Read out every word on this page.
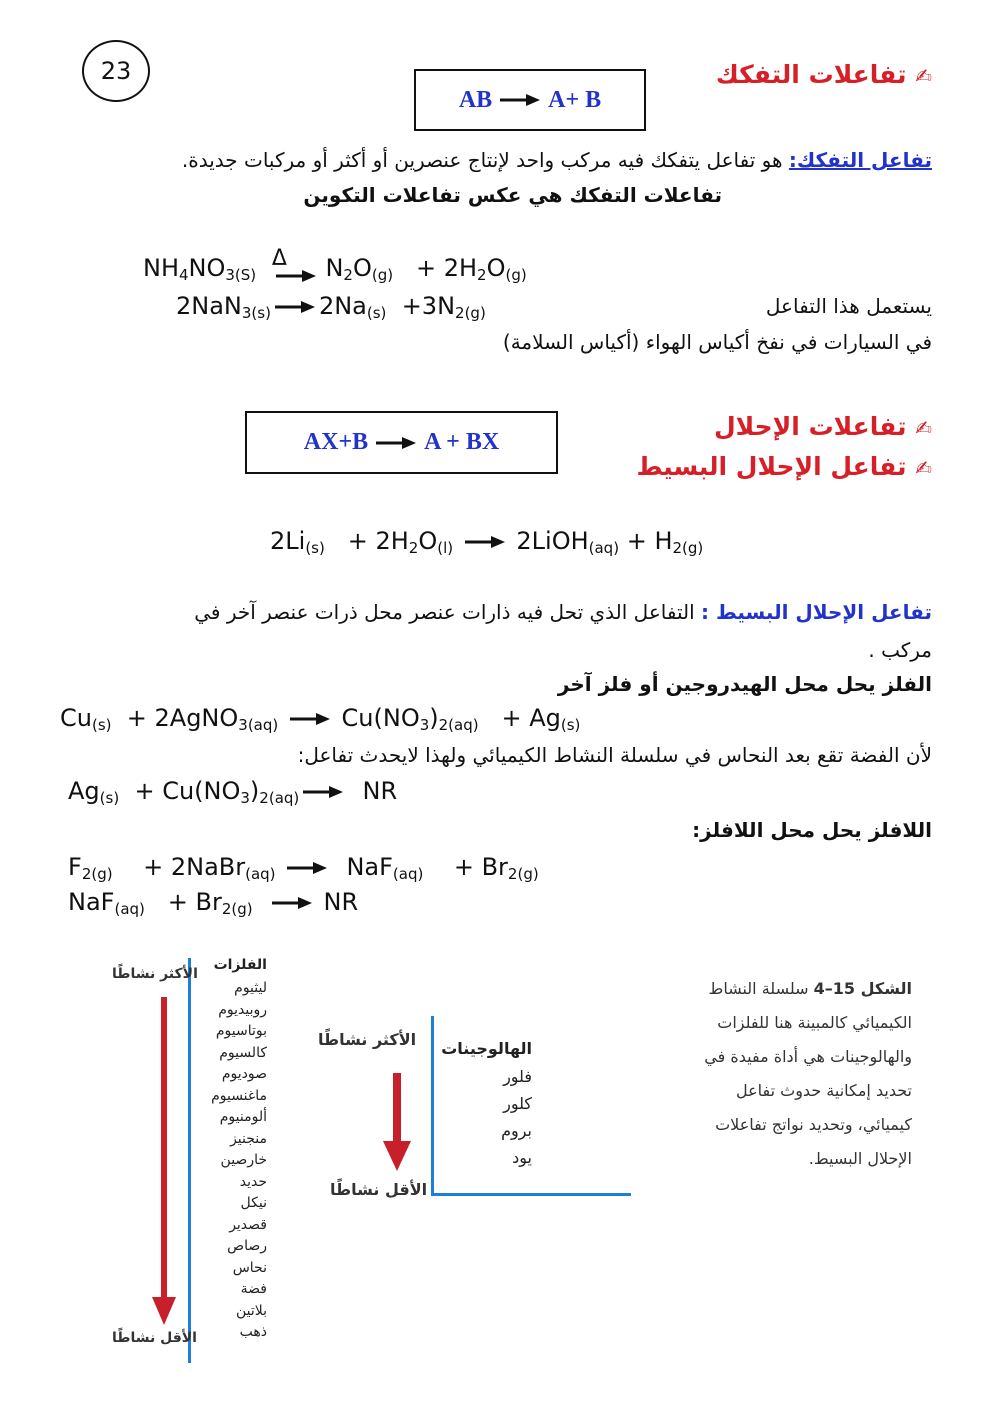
23	✍ تفاعلات التفكك
AB A+ B
تفاعل التفكك: هو تفاعل يتفكك فيه مركب واحد لإنتاج عنصرين أو أكثر أو مركبات جديدة.
تفاعلات التفكك هي عكس تفاعلات التكوين
$NH_4NO_{3(S)}$
Δ $N_2O_{(g)} + 2H_2O_{(g)}$
2NaN$_{3(s)}$ $2Na_{(s)} +3N_{2(g)}$	يستعمل هذا التفاعل
في السيارات في نفخ أكياس الهواء (أكياس السلامة)
✍ تفاعلات الإحلال
✍ تفاعل الإحلال البسيط
AX+B A + BX
$2Li_{(s)} + 2H_2O_{(l)}$	2LiOH$_{(aq)}$ + $H_{2(g)}$
تفاعل الإحلال البسيط : التفاعل الذي تحل فيه ذارات عنصر محل ذرات عنصر آخر في
مركب .
الفلز يحل محل الهيدروجين أو فلز آخر
$Cu_{(s)}$ + 2AgNO$_{3(aq)}$	$Cu(NO_3)_{2(aq)} + Ag_{(s)}$
لأن الفضة تقع بعد النحاس في سلسلة النشاط الكيميائي ولهذا لايحدث تفاعل:
$Ag_{(s)} + Cu(NO_3)_{2(aq)}$	NR
اللافلز يحل محل اللافلز:
$F_{2(g)}$ + 2NaBr$_{(aq)}$	$NaF_{(aq)} + Br_{2(g)}$
$NaF_{(aq)} + Br_{2(g)}$	NR
الفلزات
ليثيوم
روبيديوم
بوتاسيوم
كالسيوم
صوديوم
ماغنسيوم
ألومنيوم
منجنيز
خارصين
حديد
نيكل
قصدير
رصاص
نحاس
فضة
بلاتين
ذهب
الأكثر نشاطًا
الأقل نشاطًا
الهالوجينات
فلور
كلور
بروم
يود
الأكثر نشاطًا
الأقل نشاطًا
الشكل 15–4 سلسلة النشاط
الكيميائي كالمبينة هنا للفلزات
والهالوجينات هي أداة مفيدة في
تحديد إمكانية حدوث تفاعل
كيميائي، وتحديد نواتج تفاعلات
الإحلال البسيط.
